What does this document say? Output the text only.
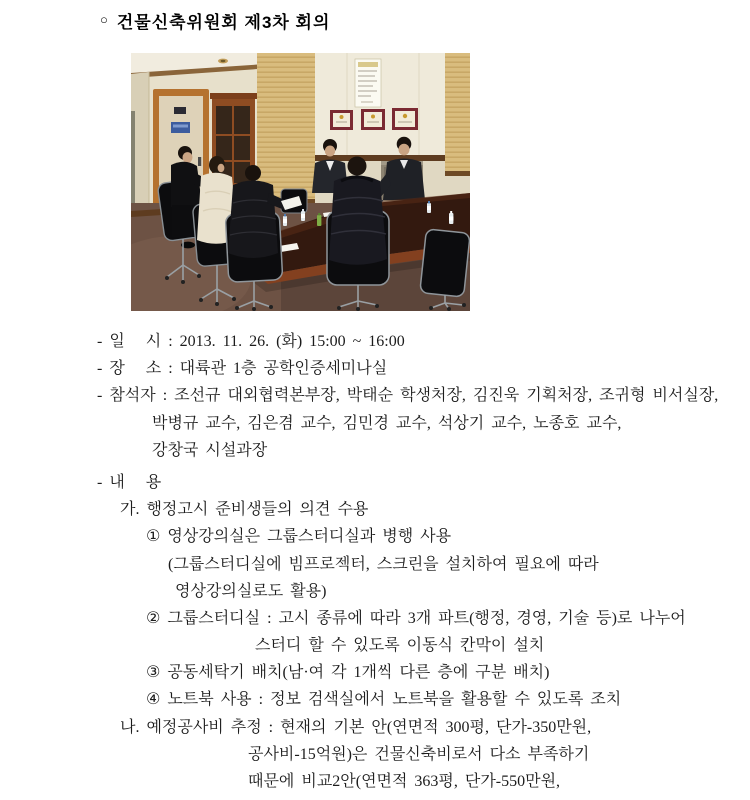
○ 건물신축위원회 제3차 회의
- 일   시 : 2013. 11. 26. (화) 15:00 ~ 16:00
- 장   소 : 대륙관 1층 공학인증세미나실
- 참석자 : 조선규 대외협력본부장, 박태순 학생처장, 김진욱 기획처장, 조귀형 비서실장,
박병규 교수, 김은겸 교수, 김민경 교수, 석상기 교수, 노종호 교수,
강창국 시설과장
- 내   용
가. 행정고시 준비생들의 의견 수용
① 영상강의실은 그룹스터디실과 병행 사용
(그룹스터디실에 빔프로젝터, 스크린을 설치하여 필요에 따라
영상강의실로도 활용)
② 그룹스터디실 : 고시 종류에 따라 3개 파트(행정, 경영, 기술 등)로 나누어
스터디 할 수 있도록 이동식 칸막이 설치
③ 공동세탁기 배치(남·여 각 1개씩 다른 층에 구분 배치)
④ 노트북 사용 : 정보 검색실에서 노트북을 활용할 수 있도록 조치
나. 예정공사비 추정 : 현재의 기본 안(연면적 300평, 단가-350만원,
공사비-15억원)은 건물신축비로서 다소 부족하기
때문에 비교2안(연면적 363평, 단가-550만원,
